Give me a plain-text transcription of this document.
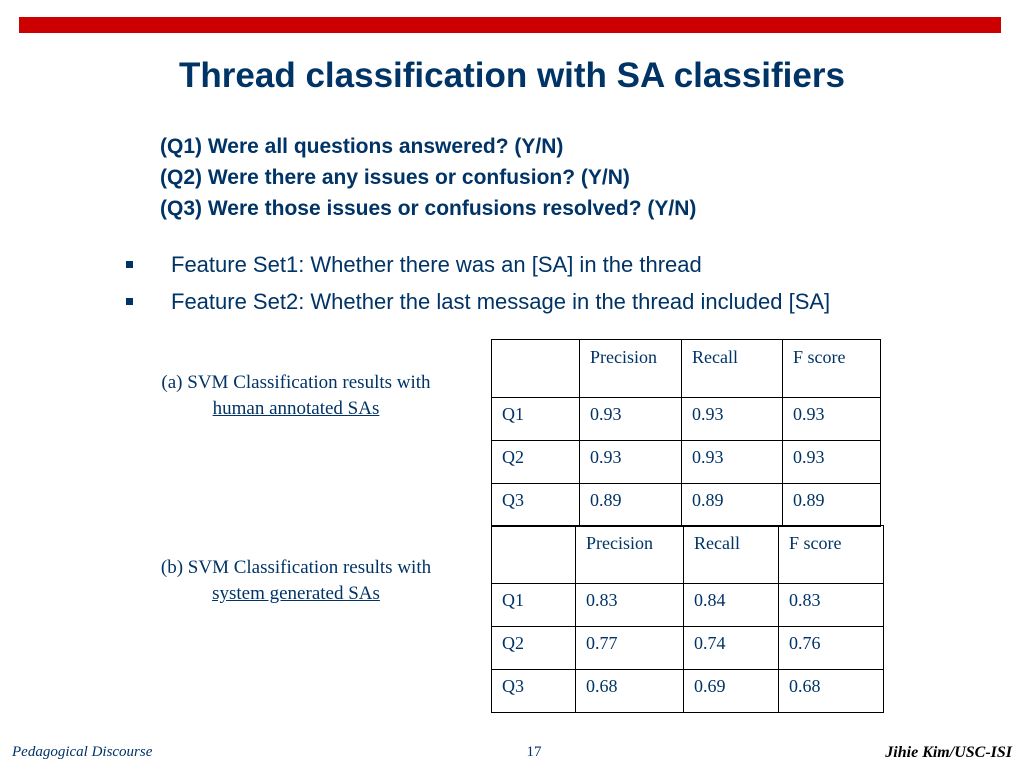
Thread classification with SA classifiers
(Q1) Were all questions answered? (Y/N)
(Q2) Were there any issues or confusion? (Y/N)
(Q3) Were those issues or confusions resolved? (Y/N)
Feature Set1: Whether there was an [SA] in the thread
Feature Set2: Whether the last message in the thread included [SA]
(a) SVM Classification results with
human annotated SAs
	Precision	Recall	F score
Q1	0.93	0.93	0.93
Q2	0.93	0.93	0.93
Q3	0.89	0.89	0.89
(b) SVM Classification results with
system generated SAs
	Precision	Recall	F score
Q1	0.83	0.84	0.83
Q2	0.77	0.74	0.76
Q3	0.68	0.69	0.68
Pedagogical Discourse	17	Jihie Kim/USC-ISI
